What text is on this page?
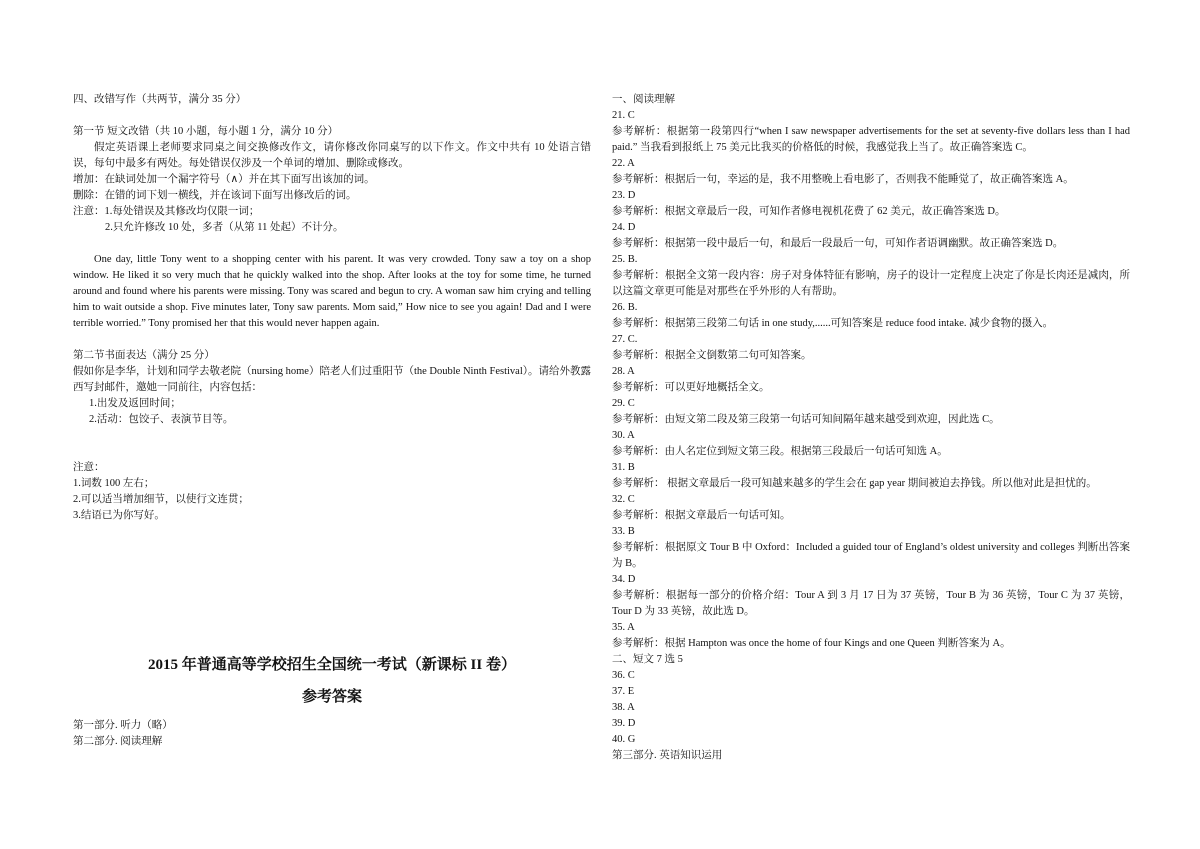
四、改错写作（共两节，满分 35 分）
第一节 短文改错（共 10 小题，每小题 1 分，满分 10 分）
假定英语课上老师要求同桌之间交换修改作文，请你修改你同桌写的以下作文。作文中共有 10 处语言错误，每句中最多有两处。每处错误仅涉及一个单词的增加、删除或修改。
增加：在缺词处加一个漏字符号（∧）并在其下面写出该加的词。
删除：在错的词下划一横线，并在该词下面写出修改后的词。
注意：1.每处错误及其修改均仅限一词；
2.只允许修改 10 处，多者（从第 11 处起）不计分。
One day, little Tony went to a shopping center with his parent. It was very crowded. Tony saw a toy on a shop window. He liked it so very much that he quickly walked into the shop. After looks at the toy for some time, he turned around and found where his parents were missing. Tony was scared and begun to cry. A woman saw him crying and telling him to wait outside a shop. Five minutes later, Tony saw parents. Mom said,” How nice to see you again! Dad and I were terrible worried.” Tony promised her that this would never happen again.
第二节书面表达（满分 25 分）
假如你是李华，计划和同学去敬老院（nursing home）陪老人们过重阳节（the Double Ninth Festival）。请给外教露西写封邮件，邀她一同前往，内容包括：
1.出发及返回时间；
2.活动：包饺子、表演节目等。
注意：
1.词数 100 左右；
2.可以适当增加细节，以使行文连贯；
3.结语已为你写好。
2015 年普通高等学校招生全国统一考试（新课标 II 卷）
参考答案
第一部分. 听力（略）
第二部分. 阅读理解
一、阅读理解
21. C
参考解析：根据第一段第四行“when I saw newspaper advertisements for the set at seventy-five dollars less than I had paid.” 当我看到报纸上 75 美元比我买的价格低的时候，我感觉我上当了。故正确答案选 C。
22. A
参考解析：根据后一句，幸运的是，我不用整晚上看电影了，否则我不能睡觉了，故正确答案选 A。
23. D
参考解析：根据文章最后一段，可知作者修电视机花费了 62 美元，故正确答案选 D。
24. D
参考解析：根据第一段中最后一句，和最后一段最后一句，可知作者语调幽默。故正确答案选 D。
25. B.
参考解析：根据全文第一段内容：房子对身体特征有影响，房子的设计一定程度上决定了你是长肉还是减肉，所以这篇文章更可能是对那些在乎外形的人有帮助。
26. B.
参考解析：根据第三段第二句话 in one study,......可知答案是 reduce food intake. 减少食物的摄入。
27. C.
参考解析：根据全文倒数第二句可知答案。
28. A
参考解析：可以更好地概括全文。
29. C
参考解析：由短文第二段及第三段第一句话可知间隔年越来越受到欢迎，因此选 C。
30. A
参考解析：由人名定位到短文第三段。根据第三段最后一句话可知选 A。
31. B
参考解析： 根据文章最后一段可知越来越多的学生会在 gap year 期间被迫去挣钱。所以他对此是担忧的。
32. C
参考解析：根据文章最后一句话可知。
33. B
参考解析：根据原文 Tour B 中 Oxford：Included a guided tour of England’s oldest university and colleges 判断出答案为 B。
34. D
参考解析：根据每一部分的价格介绍：Tour A 到 3 月 17 日为 37 英镑，Tour B 为 36 英镑，Tour C 为 37 英镑，Tour D 为 33 英镑，故此选 D。
35. A
参考解析：根据 Hampton was once the home of four Kings and one Queen 判断答案为 A。
二、短文 7 选 5
36. C
37. E
38. A
39. D
40. G
第三部分. 英语知识运用
